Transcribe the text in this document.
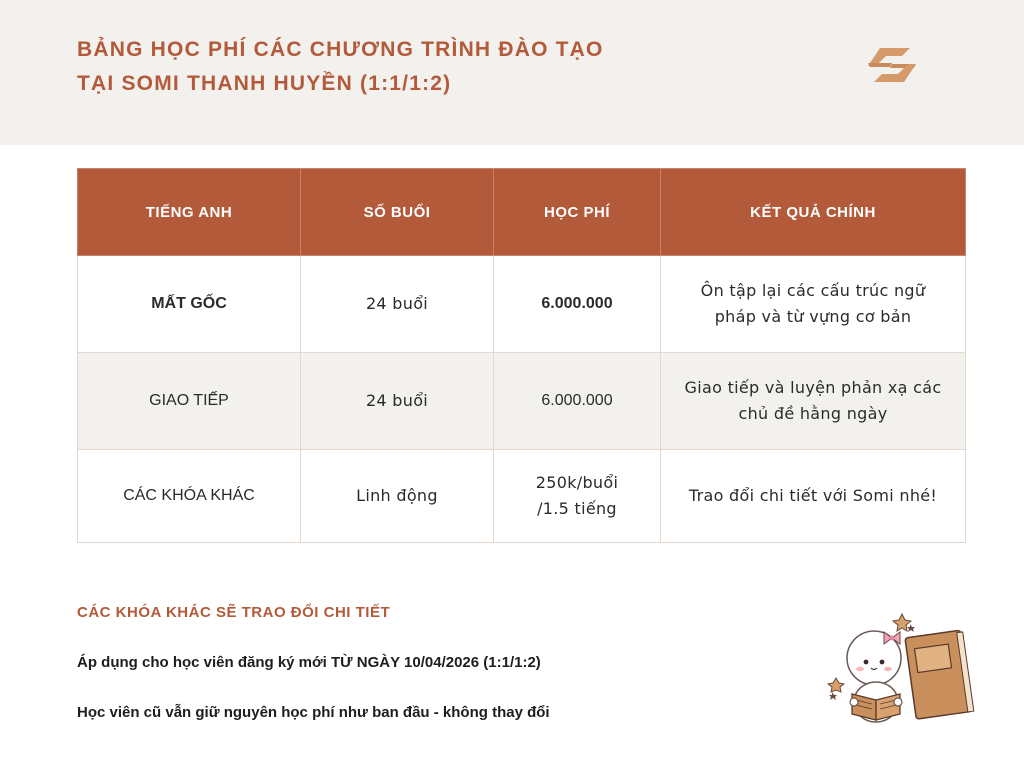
BẢNG HỌC PHÍ CÁC CHƯƠNG TRÌNH ĐÀO TẠO
TẠI SOMI THANH HUYỀN (1:1/1:2)
TIẾNG ANH	SỐ BUỔI	HỌC PHÍ	KẾT QUẢ CHÍNH
MẤT GỐC	24 buổi	6.000.000	Ôn tập lại các cấu trúc ngữ
pháp và từ vựng cơ bản

GIAO TIẾP	24 buổi	6.000.000	Giao tiếp và luyện phản xạ các
chủ đề hằng ngày

CÁC KHÓA KHÁC	Linh động	250k/buổi
/1.5 tiếng	Trao đổi chi tiết với Somi nhé!
CÁC KHÓA KHÁC SẼ TRAO ĐỔI CHI TIẾT
Áp dụng cho học viên đăng ký mới TỪ NGÀY 10/04/2026 (1:1/1:2)
Học viên cũ vẫn giữ nguyên học phí như ban đầu - không thay đổi
